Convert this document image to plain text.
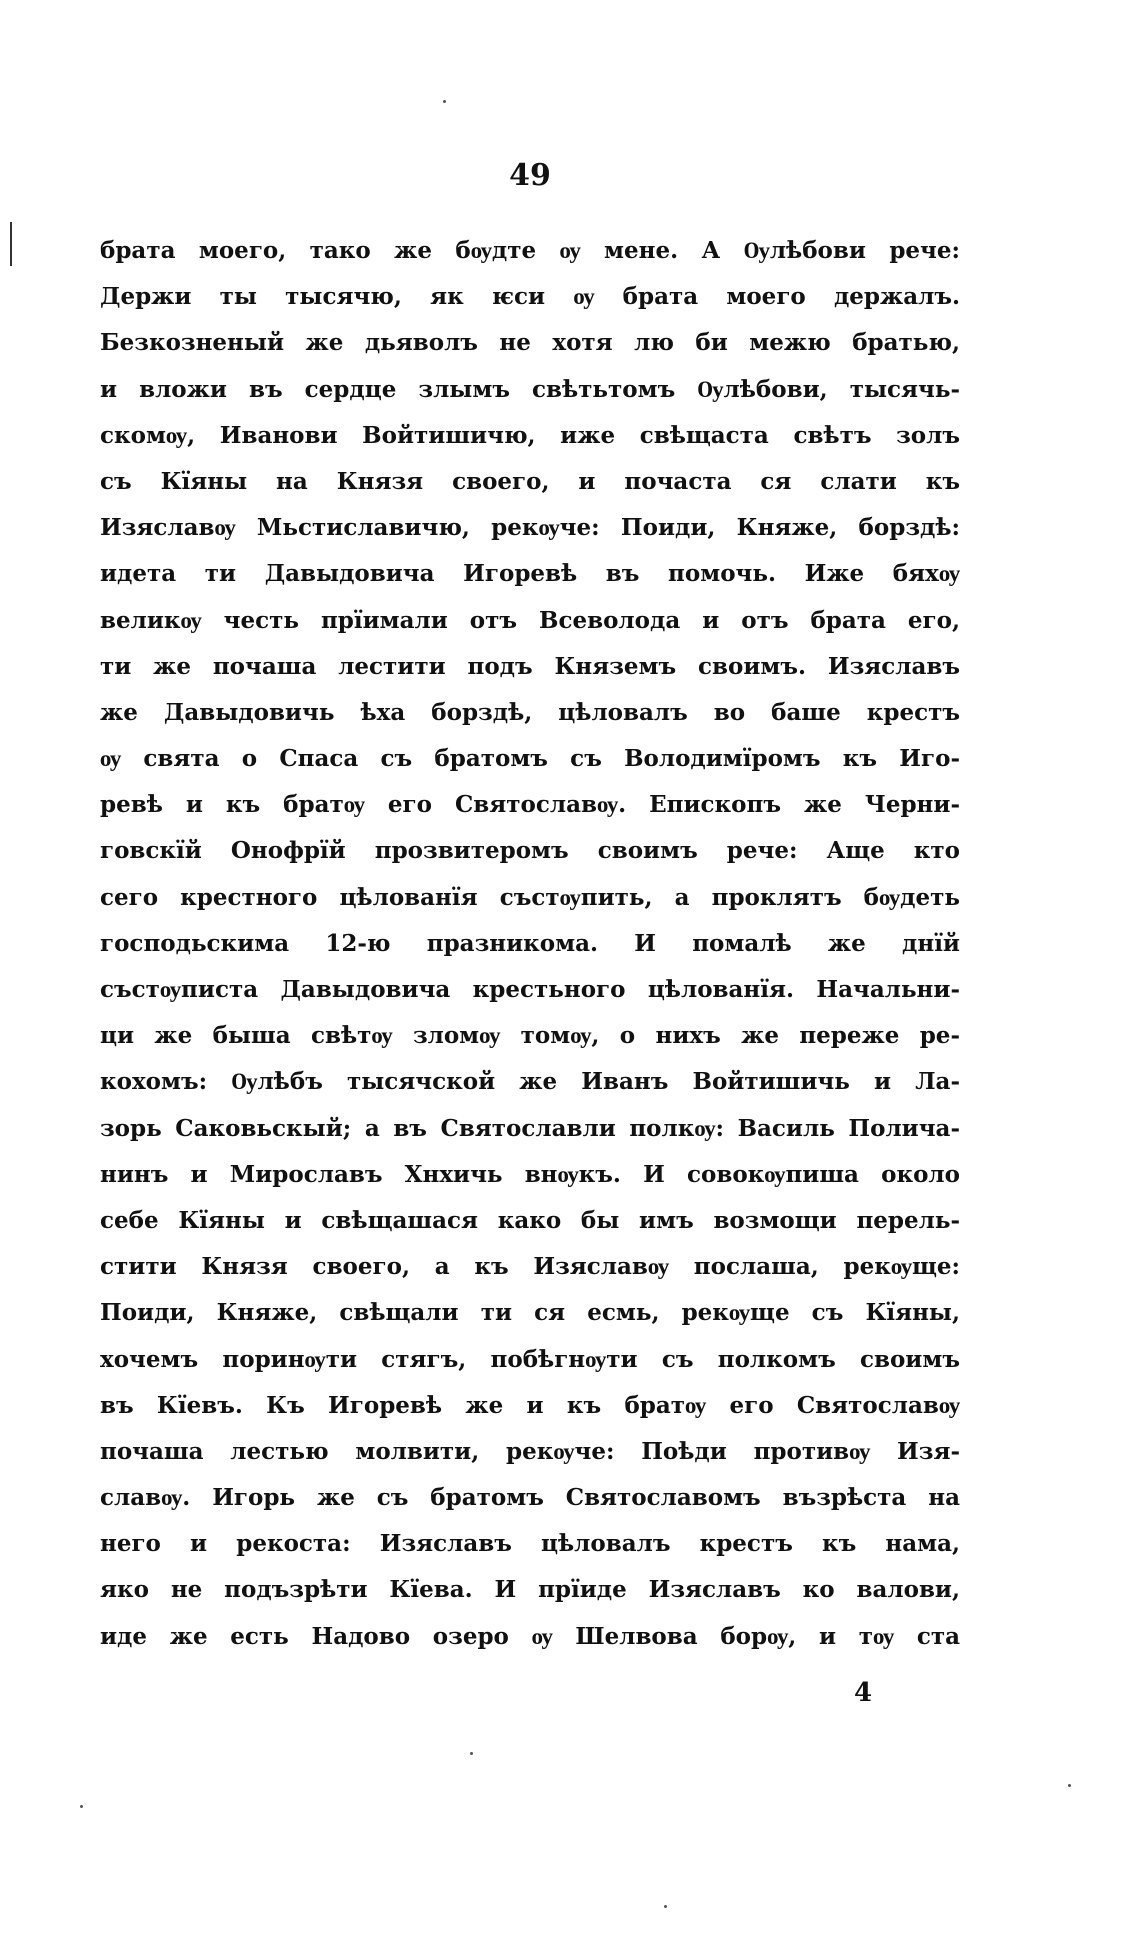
49
брата моего, тако же бѹдте ѹ мене. А Ѹлѣбови рече:
Держи ты тысячю, як ѥси ѹ брата моего держалъ.
Безкозненый же дьяволъ не хотя лю би межю братью,
и вложи въ сердце злымъ свѣтьтомъ Ѹлѣбови, тысячь-
скомѹ, Иванови Войтишичю, иже свѣщаста свѣтъ золъ
съ Кїяны на Князя своего, и почаста ся слати къ
Изяславѹ Мьстиславичю, рекѹче: Поиди, Княже, борздѣ:
идета ти Давыдовича Игоревѣ въ помочь. Иже бяхѹ
великѹ честь прїимали отъ Всеволода и отъ брата его,
ти же почаша лестити подъ Княземъ своимъ. Изяславъ
же Давыдовичь ѣха борздѣ, цѣловалъ во баше крестъ
ѹ свята о Спаса съ братомъ съ Володимїромъ къ Иго-
ревѣ и къ братѹ его Святославѹ. Епископъ же Черни-
говскїй Онофрїй прозвитеромъ своимъ рече: Аще кто
сего крестного цѣлованїя състѹпить, а проклятъ бѹдеть
господьскима 12-ю празникома. И помалѣ же днїй
състѹписта Давыдовича крестьного цѣлованїя. Начальни-
ци же быша свѣтѹ зломѹ томѹ, о нихъ же переже ре-
кохомъ: Ѹлѣбъ тысячской же Иванъ Войтишичь и Ла-
зорь Саковьскый; а въ Святославли полкѹ: Василь Полича-
нинъ и Мирославъ Хнхичь внѹкъ. И совокѹпиша около
себе Кїяны и свѣщашася како бы имъ возмощи перель-
стити Князя своего, а къ Изяславѹ послаша, рекѹще:
Поиди, Княже, свѣщали ти ся есмь, рекѹще съ Кїяны,
хочемъ поринѹти стягъ, побѣгнѹти съ полкомъ своимъ
въ Кїевъ. Къ Игоревѣ же и къ братѹ его Святославѹ
почаша лестью молвити, рекѹче: Поѣди противѹ Изя-
славѹ. Игорь же съ братомъ Святославомъ възрѣста на
него и рекоста: Изяславъ цѣловалъ крестъ къ нама,
яко не подъзрѣти Кїева. И прїиде Изяславъ ко валови,
иде же есть Надово озеро ѹ Шелвова борѹ, и тѹ ста
4
